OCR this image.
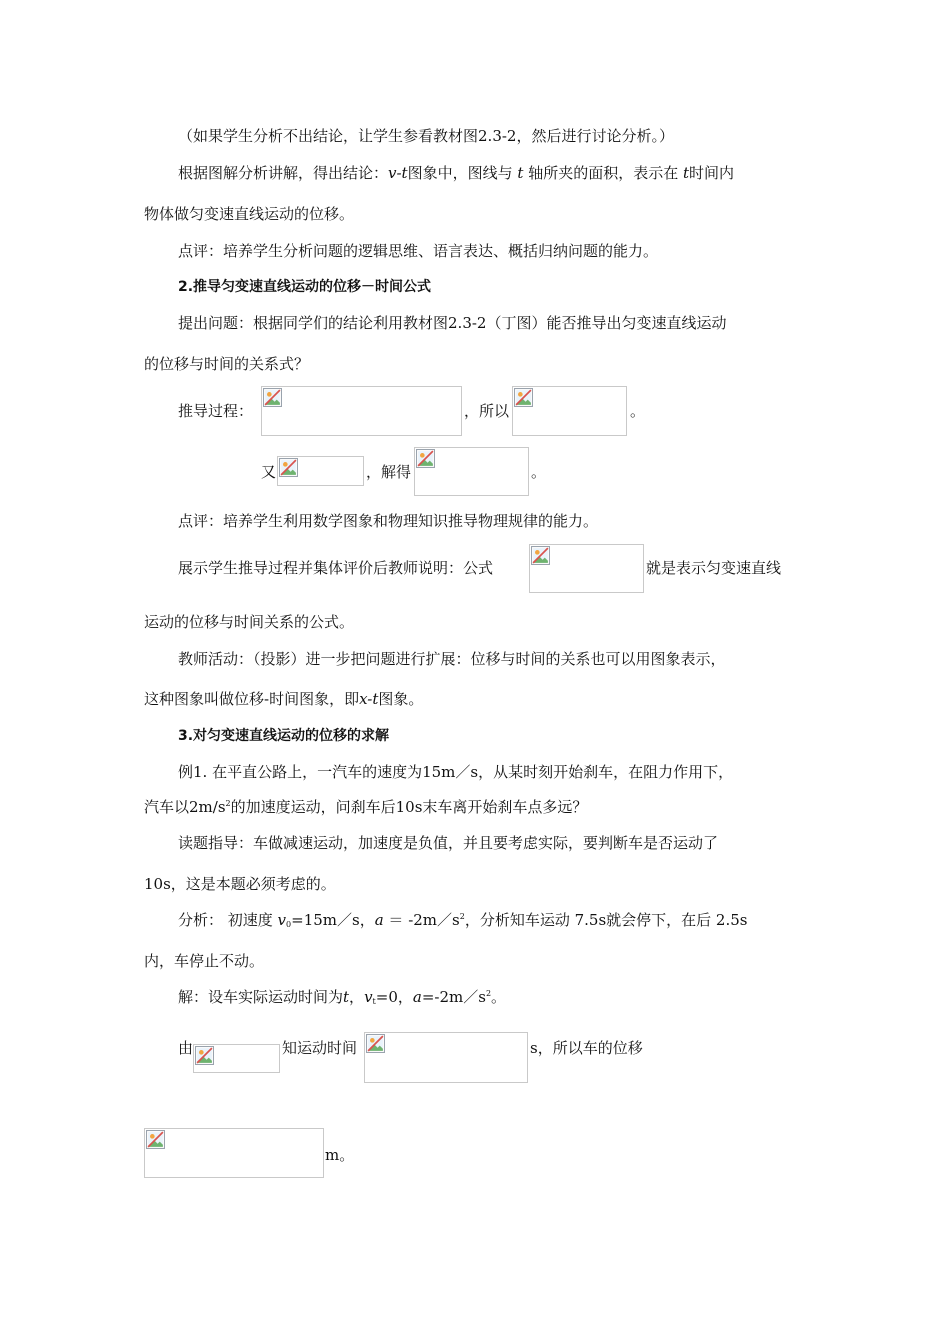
（如果学生分析不出结论，让学生参看教材图2.3-2，然后进行讨论分析。）

根据图解分析讲解，得出结论：v-t图象中，图线与 t 轴所夹的面积，表示在 t时间内

物体做匀变速直线运动的位移。

点评：培养学生分析问题的逻辑思维、语言表达、概括归纳问题的能力。

2.推导匀变速直线运动的位移－时间公式

提出问题：根据同学们的结论利用教材图2.3-2（丁图）能否推导出匀变速直线运动

的位移与时间的关系式？

推导过程：	，所以	。

又	，解得	。

点评：培养学生利用数学图象和物理知识推导物理规律的能力。

展示学生推导过程并集体评价后教师说明：公式	就是表示匀变速直线

运动的位移与时间关系的公式。

教师活动：（投影）进一步把问题进行扩展：位移与时间的关系也可以用图象表示，

这种图象叫做位移-时间图象，即x-t图象。

3.对匀变速直线运动的位移的求解

例1. 在平直公路上，一汽车的速度为15m／s，从某时刻开始刹车，在阻力作用下，

汽车以$2m/s^2$的加速度运动，问刹车后10s末车离开始刹车点多远？

读题指导：车做减速运动，加速度是负值，并且要考虑实际，要判断车是否运动了

10s，这是本题必须考虑的。

分析： 初速度 $v_0=15m/s$，$a = -2m/s^2$，分析知车运动 7.5s就会停下，在后 2.5s

内，车停止不动。

解：设车实际运动时间为t，$v_t=0$，$a=-2m/s^2$。

由	知运动时间	s，所以车的位移

m。
